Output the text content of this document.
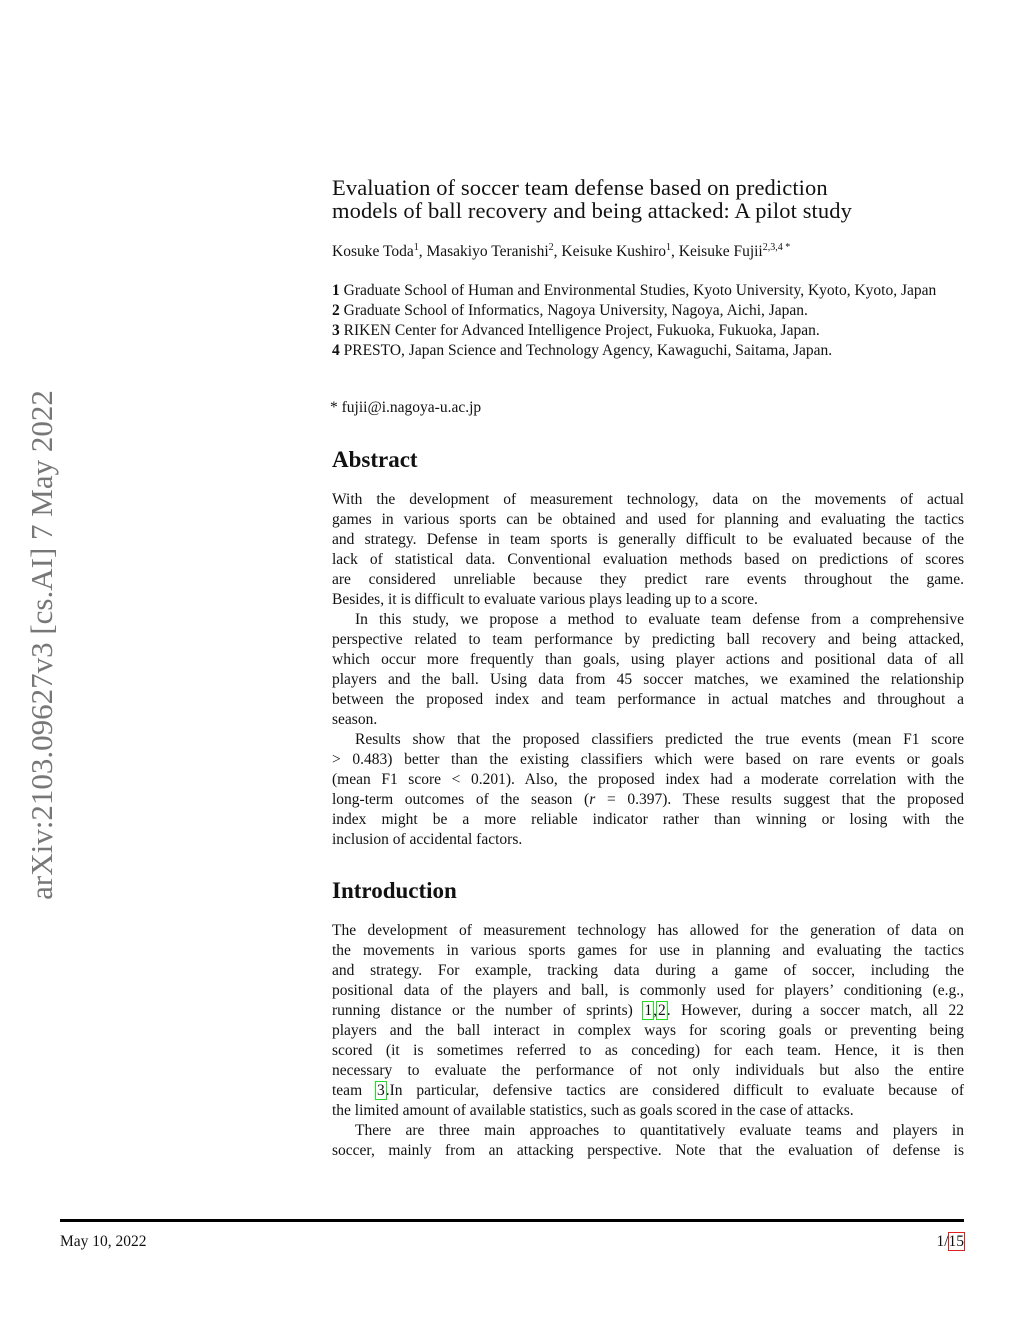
arXiv:2103.09627v3 [cs.AI] 7 May 2022
Evaluation of soccer team defense based on prediction
models of ball recovery and being attacked: A pilot study
Kosuke Toda$^1$, Masakiyo Teranishi$^2$, Keisuke Kushiro$^1$, Keisuke Fujii$^{2,3,4 *}$
1 Graduate School of Human and Environmental Studies, Kyoto University, Kyoto, Kyoto, Japan
2 Graduate School of Informatics, Nagoya University, Nagoya, Aichi, Japan.
3 RIKEN Center for Advanced Intelligence Project, Fukuoka, Fukuoka, Japan.
4 PRESTO, Japan Science and Technology Agency, Kawaguchi, Saitama, Japan.
* fujii@i.nagoya-u.ac.jp
Abstract
With the development of measurement technology, data on the movements of actual
games in various sports can be obtained and used for planning and evaluating the tactics
and strategy. Defense in team sports is generally difficult to be evaluated because of the
lack of statistical data. Conventional evaluation methods based on predictions of scores
are considered unreliable because they predict rare events throughout the game.
Besides, it is difficult to evaluate various plays leading up to a score.
In this study, we propose a method to evaluate team defense from a comprehensive
perspective related to team performance by predicting ball recovery and being attacked,
which occur more frequently than goals, using player actions and positional data of all
players and the ball. Using data from 45 soccer matches, we examined the relationship
between the proposed index and team performance in actual matches and throughout a
season.
Results show that the proposed classifiers predicted the true events (mean F1 score
> 0.483) better than the existing classifiers which were based on rare events or goals
(mean F1 score < 0.201). Also, the proposed index had a moderate correlation with the
long-term outcomes of the season (r = 0.397). These results suggest that the proposed
index might be a more reliable indicator rather than winning or losing with the
inclusion of accidental factors.
Introduction
The development of measurement technology has allowed for the generation of data on
the movements in various sports games for use in planning and evaluating the tactics
and strategy. For example, tracking data during a game of soccer, including the
positional data of the players and ball, is commonly used for players’ conditioning (e.g.,
running distance or the number of sprints) 1,2. However, during a soccer match, all 22
players and the ball interact in complex ways for scoring goals or preventing being
scored (it is sometimes referred to as conceding) for each team. Hence, it is then
necessary to evaluate the performance of not only individuals but also the entire
team 3.In particular, defensive tactics are considered difficult to evaluate because of
the limited amount of available statistics, such as goals scored in the case of attacks.
There are three main approaches to quantitatively evaluate teams and players in
soccer, mainly from an attacking perspective. Note that the evaluation of defense is
May 10, 2022	1/15
